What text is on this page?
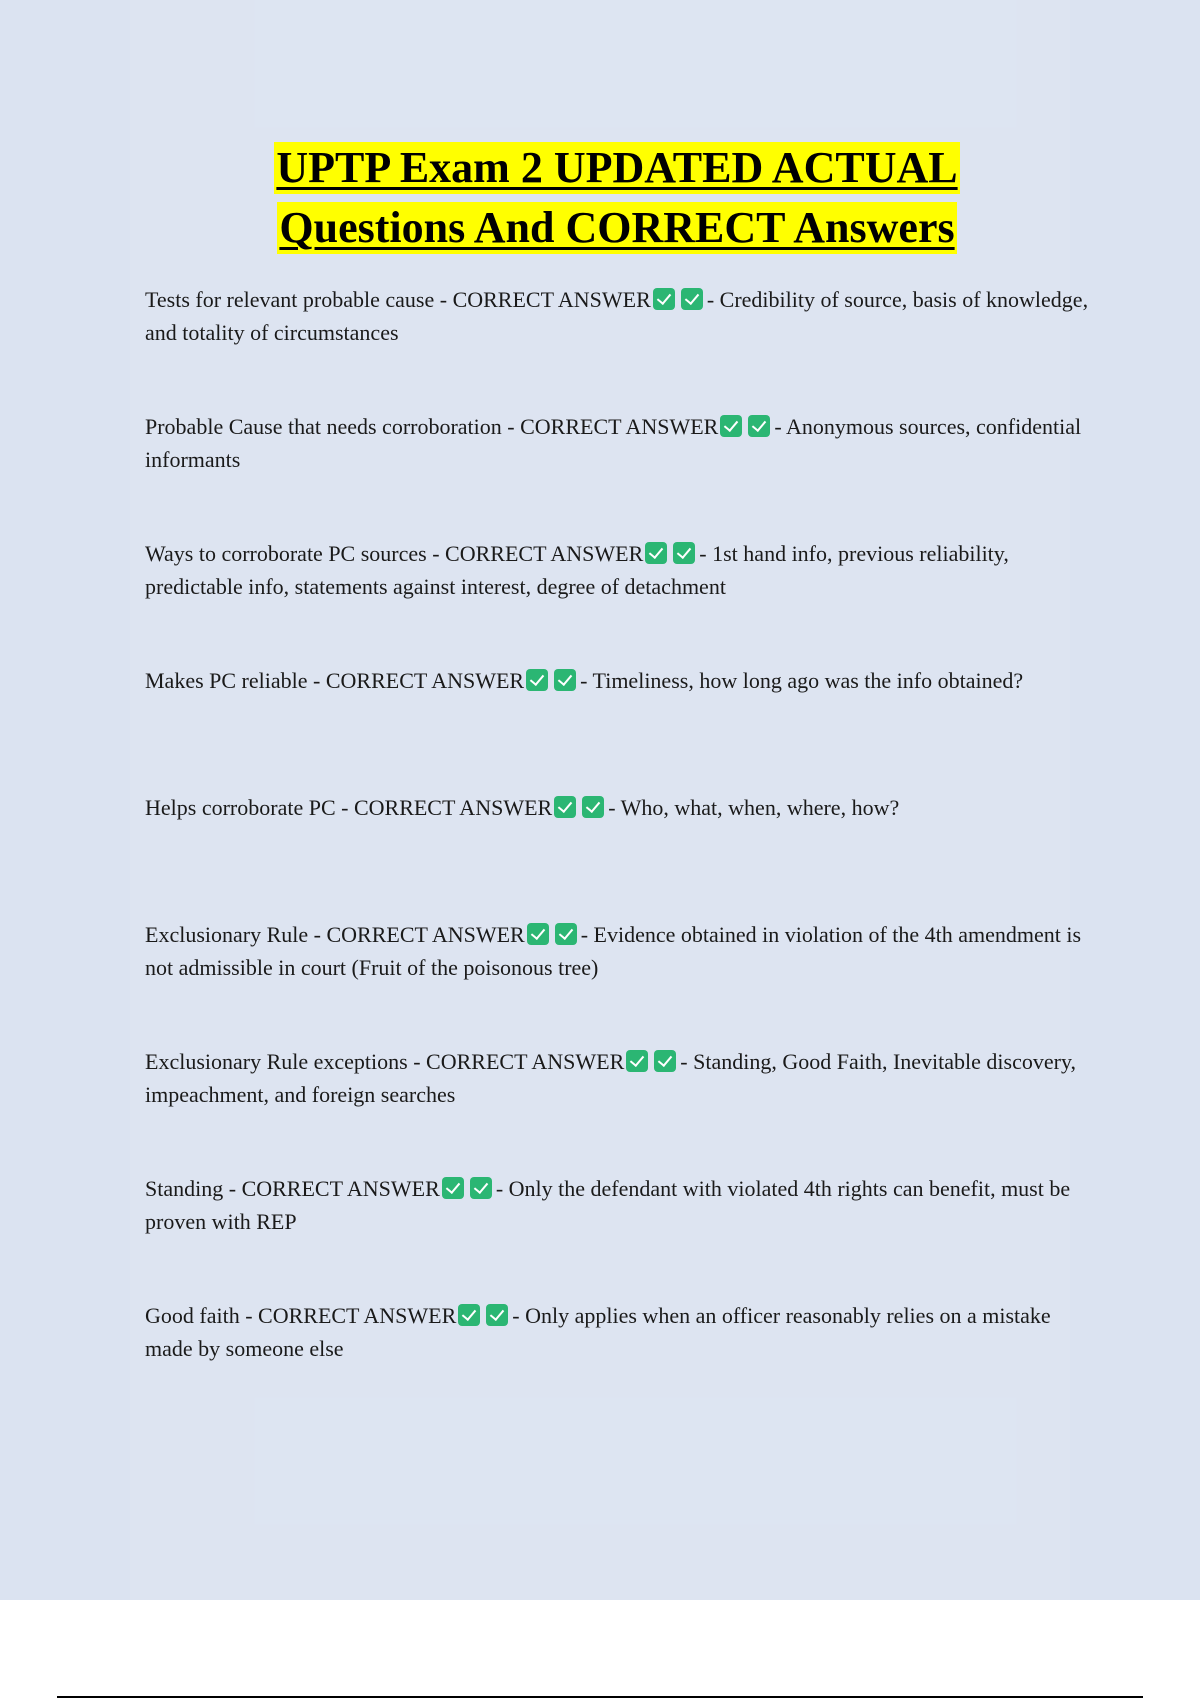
UPTP Exam 2 UPDATED ACTUAL
Questions And CORRECT Answers
Tests for relevant probable cause - CORRECT ANSWER	- Credibility of source, basis of knowledge, and totality of circumstances
Probable Cause that needs corroboration - CORRECT ANSWER	- Anonymous sources, confidential informants
Ways to corroborate PC sources - CORRECT ANSWER	- 1st hand info, previous reliability, predictable info, statements against interest, degree of detachment
Makes PC reliable - CORRECT ANSWER	- Timeliness, how long ago was the info obtained?
Helps corroborate PC - CORRECT ANSWER	- Who, what, when, where, how?
Exclusionary Rule - CORRECT ANSWER	- Evidence obtained in violation of the 4th amendment is not admissible in court (Fruit of the poisonous tree)
Exclusionary Rule exceptions - CORRECT ANSWER	- Standing, Good Faith, Inevitable discovery, impeachment, and foreign searches
Standing - CORRECT ANSWER	- Only the defendant with violated 4th rights can benefit, must be proven with REP
Good faith - CORRECT ANSWER	- Only applies when an officer reasonably relies on a mistake made by someone else
